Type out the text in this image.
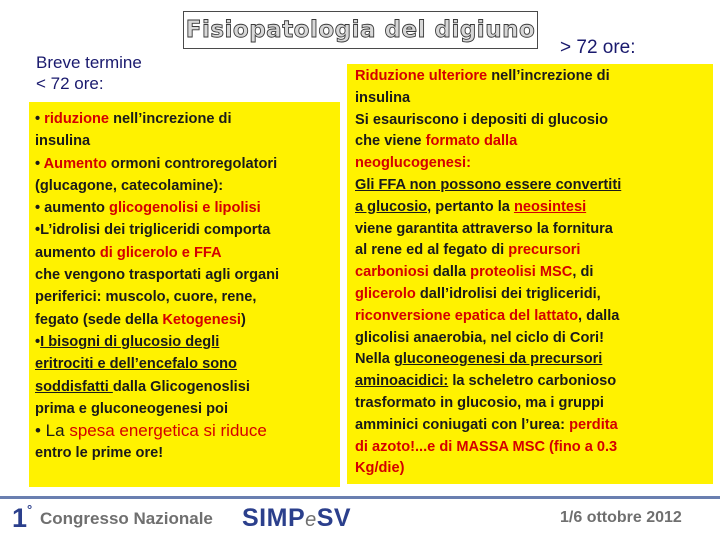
Fisiopatologia del digiuno
Breve termine
< 72 ore:
> 72 ore:
• riduzione nell’increzione di
insulina
• Aumento ormoni controregolatori
(glucagone, catecolamine):
• aumento glicogenolisi e lipolisi
•L’idrolisi dei trigliceridi comporta
aumento di glicerolo e FFA
che vengono trasportati agli organi
periferici: muscolo, cuore, rene,
fegato (sede della Ketogenesi)
•I bisogni di glucosio degli
eritrociti e dell’encefalo sono
soddisfatti dalla Glicogenoslisi
prima e gluconeogenesi poi
• La spesa energetica si riduce
entro le prime ore!
Riduzione ulteriore nell’increzione di
insulina
Si esauriscono i depositi di glucosio
che viene formato dalla
neoglucogenesi:
Gli FFA non possono essere convertiti
a glucosio, pertanto la neosintesi
viene garantita attraverso la fornitura
al rene ed al fegato di precursori
carboniosi dalla proteolisi MSC, di
glicerolo dall’idrolisi dei trigliceridi,
riconversione epatica del lattato, dalla
glicolisi anaerobia, nel ciclo di Cori!
Nella gluconeogenesi da precursori
aminoacidici: la scheletro carbonioso
trasformato in glucosio, ma i gruppi
amminici coniugati con l’urea: perdita
di azoto!...e di MASSA MSC (fino a 0.3
Kg/die)
1 ° Congresso Nazionale SIMPeSV	1/6 ottobre 2012
